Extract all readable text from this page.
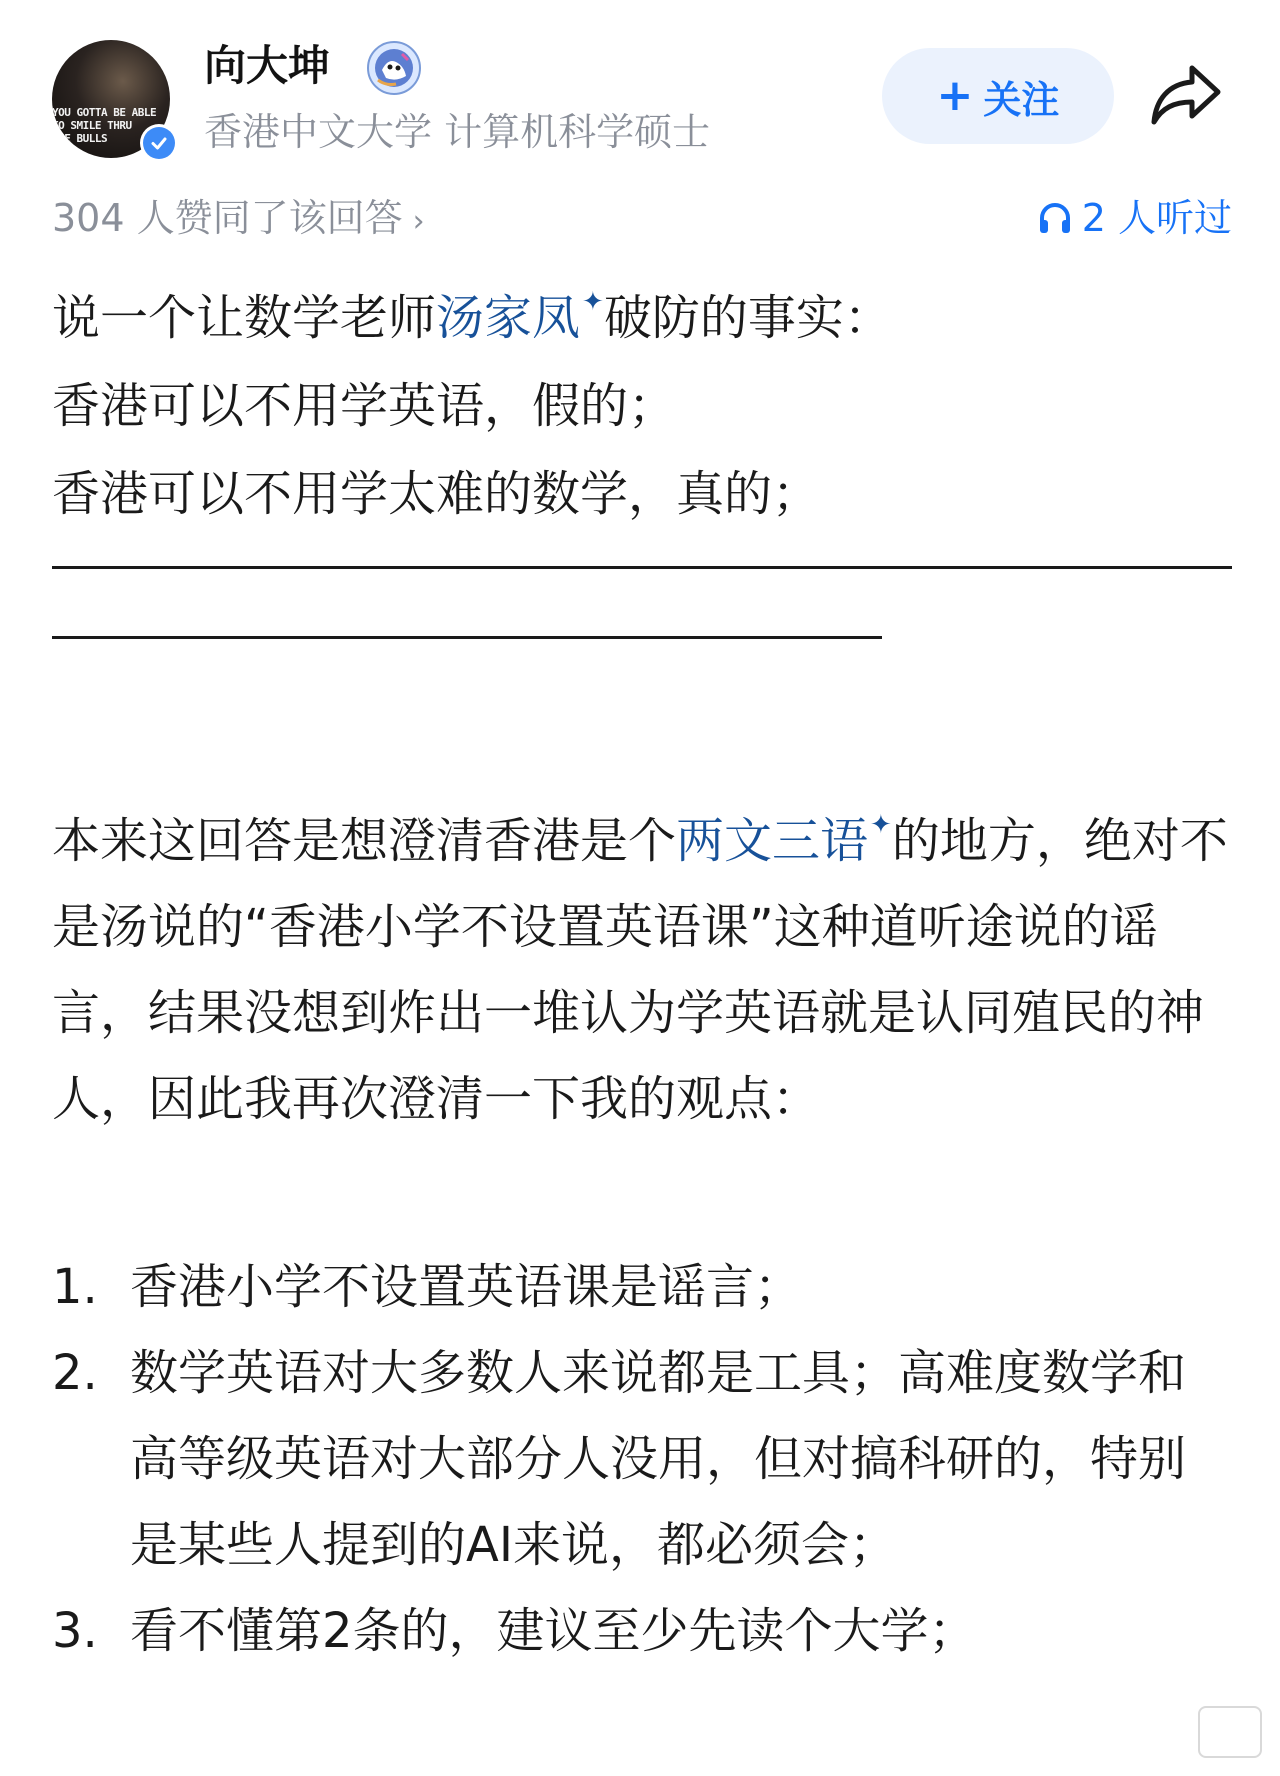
YOU GOTTA BE ABLE
TO SMILE THRU
THE BULLS
向大坤
香港中文大学 计算机科学硕士
+ 关注
304 人赞同了该回答 ›	2 人听过

说一个让数学老师汤家凤✦破防的事实：

香港可以不用学英语，假的；

香港可以不用学太难的数学，真的；

本来这回答是想澄清香港是个两文三语✦的地方，绝对不是汤说的“香港小学不设置英语课”这种道听途说的谣言，结果没想到炸出一堆认为学英语就是认同殖民的神人，因此我再次澄清一下我的观点：
1. 香港小学不设置英语课是谣言；
2. 数学英语对大多数人来说都是工具；高难度数学和高等级英语对大部分人没用，但对搞科研的，特别是某些人提到的AI来说，都必须会；
3. 看不懂第2条的，建议至少先读个大学；
